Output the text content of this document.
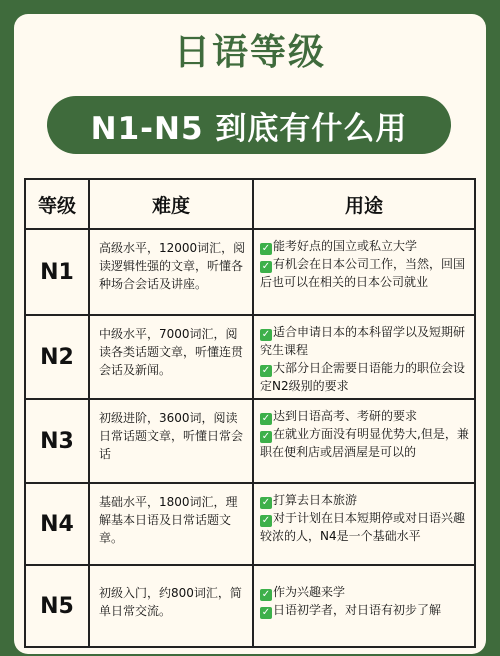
日语等级
N1-N5 到底有什么用
等级	难度	用途
N1
高级水平，12000词汇，阅读逻辑性强的文章，听懂各种场合会话及讲座。
✓ 能考好点的国立或私立大学
✓ 有机会在日本公司工作，当然，回国后也可以在相关的日本公司就业
N2
中级水平，7000词汇，阅读各类话题文章，听懂连贯会话及新闻。
✓ 适合申请日本的本科留学以及短期研究生课程
✓ 大部分日企需要日语能力的职位会设定N2级别的要求
N3
初级进阶，3600词，阅读日常话题文章，听懂日常会话
✓ 达到日语高考、考研的要求
✓ 在就业方面没有明显优势大,但是，兼职在便利店或居酒屋是可以的
N4
基础水平，1800词汇，理解基本日语及日常话题文章。
✓ 打算去日本旅游
✓ 对于计划在日本短期停或对日语兴趣较浓的人，N4是一个基础水平
N5
初级入门，约800词汇，简单日常交流。
✓ 作为兴趣来学
✓ 日语初学者，对日语有初步了解
